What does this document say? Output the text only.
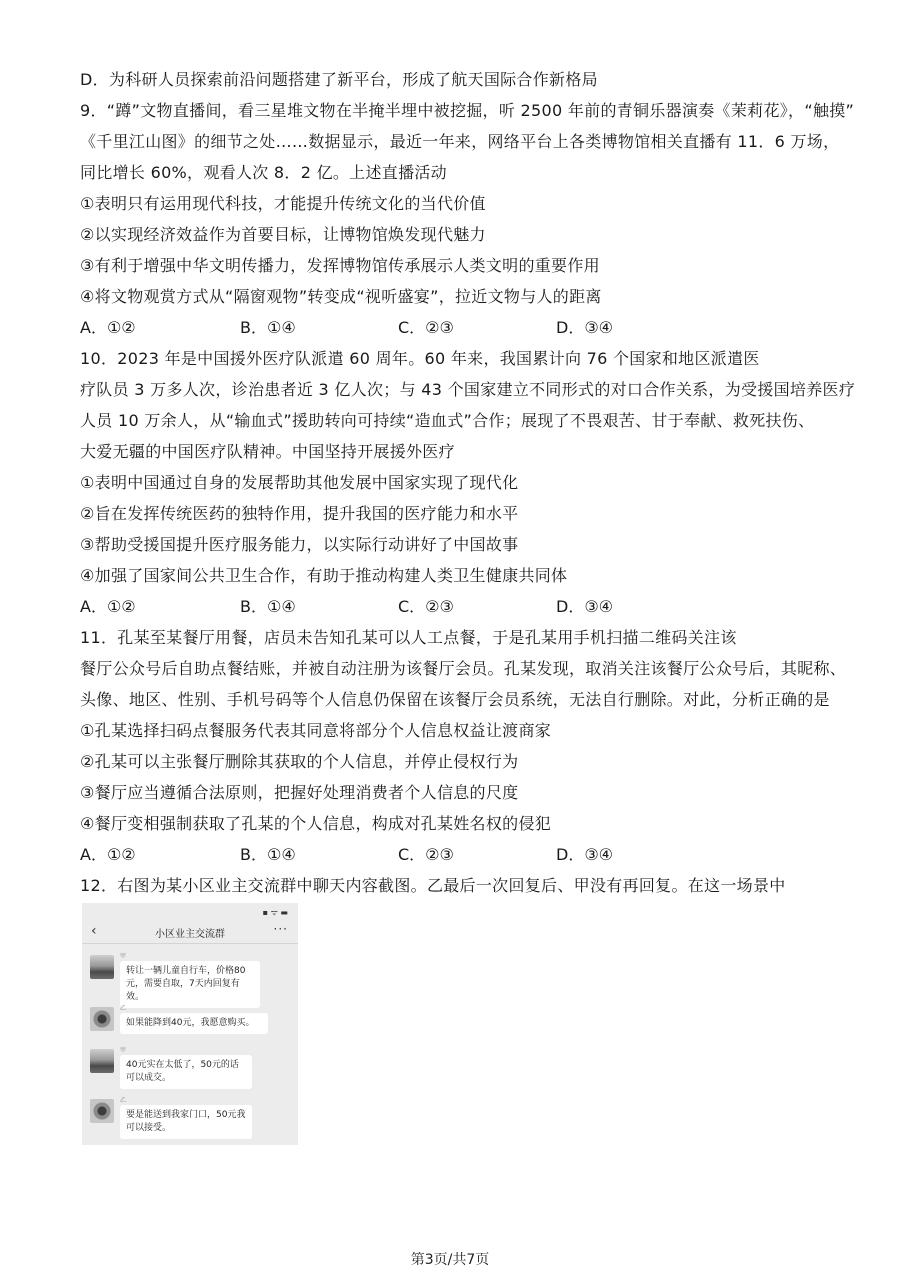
D．为科研人员探索前沿问题搭建了新平台，形成了航天国际合作新格局
9．“蹲”文物直播间，看三星堆文物在半掩半埋中被挖掘，听 2500 年前的青铜乐器演奏《茉莉花》，“触摸”
《千里江山图》的细节之处……数据显示，最近一年来，网络平台上各类博物馆相关直播有 11．6 万场，
同比增长 60%，观看人次 8．2 亿。上述直播活动
①表明只有运用现代科技，才能提升传统文化的当代价值
②以实现经济效益作为首要目标，让博物馆焕发现代魅力
③有利于增强中华文明传播力，发挥博物馆传承展示人类文明的重要作用
④将文物观赏方式从“隔窗观物”转变成“视听盛宴”，拉近文物与人的距离
A．①②	B．①④	C．②③	D．③④
10．2023 年是中国援外医疗队派遣 60 周年。60 年来，我国累计向 76 个国家和地区派遣医
疗队员 3 万多人次，诊治患者近 3 亿人次；与 43 个国家建立不同形式的对口合作关系，为受援国培养医疗
人员 10 万余人，从“输血式”援助转向可持续“造血式”合作；展现了不畏艰苦、甘于奉献、救死扶伤、
大爱无疆的中国医疗队精神。中国坚持开展援外医疗
①表明中国通过自身的发展帮助其他发展中国家实现了现代化
②旨在发挥传统医药的独特作用，提升我国的医疗能力和水平
③帮助受援国提升医疗服务能力，以实际行动讲好了中国故事
④加强了国家间公共卫生合作，有助于推动构建人类卫生健康共同体
A．①②	B．①④	C．②③	D．③④
11．孔某至某餐厅用餐，店员未告知孔某可以人工点餐，于是孔某用手机扫描二维码关注该
餐厅公众号后自助点餐结账，并被自动注册为该餐厅会员。孔某发现，取消关注该餐厅公众号后，其昵称、
头像、地区、性别、手机号码等个人信息仍保留在该餐厅会员系统，无法自行删除。对此，分析正确的是
①孔某选择扫码点餐服务代表其同意将部分个人信息权益让渡商家
②孔某可以主张餐厅删除其获取的个人信息，并停止侵权行为
③餐厅应当遵循合法原则，把握好处理消费者个人信息的尺度
④餐厅变相强制获取了孔某的个人信息，构成对孔某姓名权的侵犯
A．①②	B．①④	C．②③	D．③④
12．右图为某小区业主交流群中聊天内容截图。乙最后一次回复后、甲没有再回复。在这一场景中
▪ ᯤ ▬
‹	小区业主交流群	···
甲
转让一辆儿童自行车，价格80元，需要自取，7天内回复有效。
乙
如果能降到40元，我愿意购买。
甲
40元实在太低了，50元的话可以成交。
乙
要是能送到我家门口，50元我可以接受。
第3页/共7页
